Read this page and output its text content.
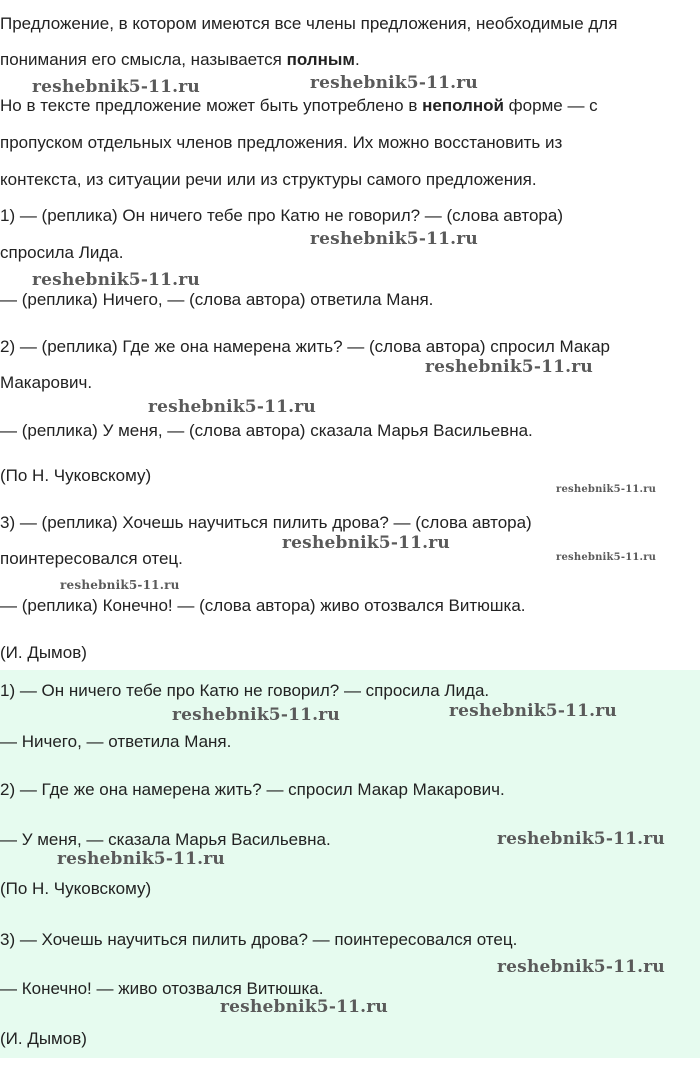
Предложение, в котором имеются все члены предложения, необходимые для
понимания его смысла, называется полным.
Но в тексте предложение может быть употреблено в неполной форме — с
пропуском отдельных членов предложения. Их можно восстановить из
контекста, из ситуации речи или из структуры самого предложения.
1) — (реплика) Он ничего тебе про Катю не говорил? — (слова автора)
спросила Лида.
— (реплика) Ничего, — (слова автора) ответила Маня.
2) — (реплика) Где же она намерена жить? — (слова автора) спросил Макар
Макарович.
— (реплика) У меня, — (слова автора) сказала Марья Васильевна.
(По Н. Чуковскому)
3) — (реплика) Хочешь научиться пилить дрова? — (слова автора)
поинтересовался отец.
— (реплика) Конечно! — (слова автора) живо отозвался Витюшка.
(И. Дымов)
1) — Он ничего тебе про Катю не говорил? — спросила Лида.
— Ничего, — ответила Маня.
2) — Где же она намерена жить? — спросил Макар Макарович.
— У меня, — сказала Марья Васильевна.
(По Н. Чуковскому)
3) — Хочешь научиться пилить дрова? — поинтересовался отец.
— Конечно! — живо отозвался Витюшка.
(И. Дымов)
reshebnik5-11.ru	reshebnik5-11.ru
reshebnik5-11.ru
reshebnik5-11.ru
reshebnik5-11.ru
reshebnik5-11.ru
reshebnik5-11.ru
reshebnik5-11.ru
reshebnik5-11.ru
reshebnik5-11.ru
reshebnik5-11.ru	reshebnik5-11.ru
reshebnik5-11.ru
reshebnik5-11.ru
reshebnik5-11.ru
reshebnik5-11.ru
